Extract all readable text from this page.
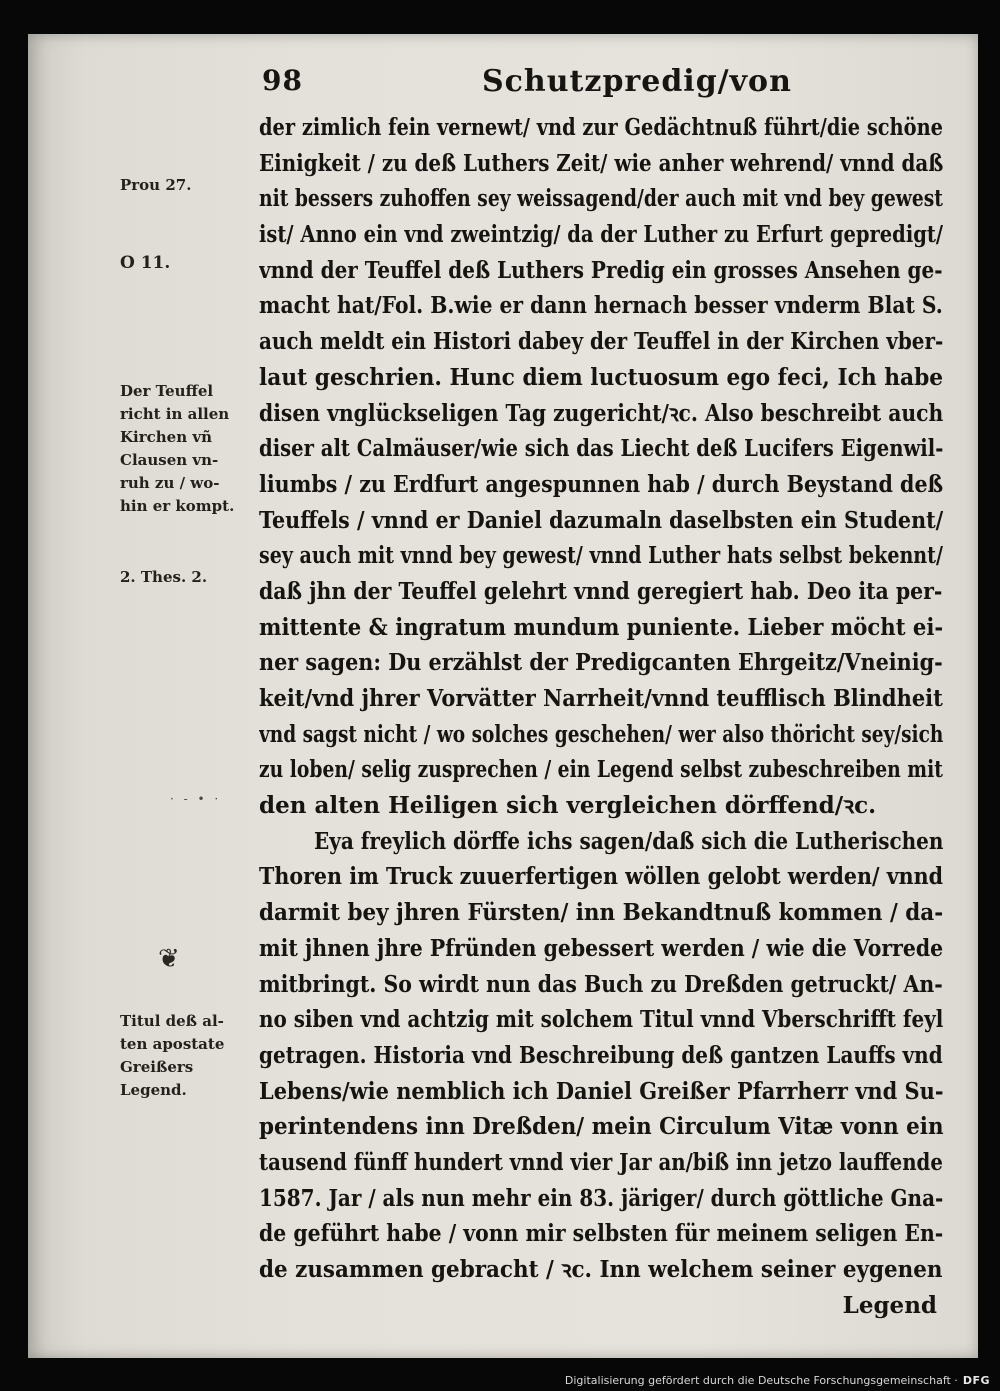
98	Schutzpredig/von
der zimlich fein vernewt/ vnd zur Gedächtnuß führt/die schöne
Einigkeit / zu deß Luthers Zeit/ wie anher wehrend/ vnnd daß
nit bessers zuhoffen sey weissagend/der auch mit vnd bey gewest
ist/ Anno ein vnd zweintzig/ da der Luther zu Erfurt gepredigt/
vnnd der Teuffel deß Luthers Predig ein grosses Ansehen ge-
macht hat/Fol. B.wie er dann hernach besser vnderm Blat S.
auch meldt ein Histori dabey der Teuffel in der Kirchen vber-
laut geschrien. Hunc diem luctuosum ego feci, Ich habe
disen vnglückseligen Tag zugericht/ꝛc. Also beschreibt auch
diser alt Calmäuser/wie sich das Liecht deß Lucifers Eigenwil-
liumbs / zu Erdfurt angespunnen hab / durch Beystand deß
Teuffels / vnnd er Daniel dazumaln daselbsten ein Student/
sey auch mit vnnd bey gewest/ vnnd Luther hats selbst bekennt/
daß jhn der Teuffel gelehrt vnnd geregiert hab. Deo ita per-
mittente & ingratum mundum puniente. Lieber möcht ei-
ner sagen: Du erzählst der Predigcanten Ehrgeitz/Vneinig-
keit/vnd jhrer Vorvätter Narrheit/vnnd teufflisch Blindheit
vnd sagst nicht / wo solches geschehen/ wer also thöricht sey/sich
zu loben/ selig zusprechen / ein Legend selbst zubeschreiben mit
den alten Heiligen sich vergleichen dörffend/ꝛc.
Eya freylich dörffe ichs sagen/daß sich die Lutherischen
Thoren im Truck zuuerfertigen wöllen gelobt werden/ vnnd
darmit bey jhren Fürsten/ inn Bekandtnuß kommen / da-
mit jhnen jhre Pfründen gebessert werden / wie die Vorrede
mitbringt. So wirdt nun das Buch zu Dreßden getruckt/ An-
no siben vnd achtzig mit solchem Titul vnnd Vberschrifft feyl
getragen. Historia vnd Beschreibung deß gantzen Lauffs vnd
Lebens/wie nemblich ich Daniel Greißer Pfarrherr vnd Su-
perintendens inn Dreßden/ mein Circulum Vitæ vonn ein
tausend fünff hundert vnnd vier Jar an/biß inn jetzo lauffende
1587. Jar / als nun mehr ein 83. järiger/ durch göttliche Gna-
de geführt habe / vonn mir selbsten für meinem seligen En-
de zusammen gebracht / ꝛc. Inn welchem seiner eygenen
Legend
Prou 27.
O 11.
Der Teuffel
richt in allen
Kirchen vñ
Clausen vn-
ruh zu / wo-
hin er kompt.
2. Thes. 2.
· ‑ • ·
❦
Titul deß al-
ten apostate
Greißers
Legend.
Digitalisierung gefördert durch die Deutsche Forschungsgemeinschaft · DFG
